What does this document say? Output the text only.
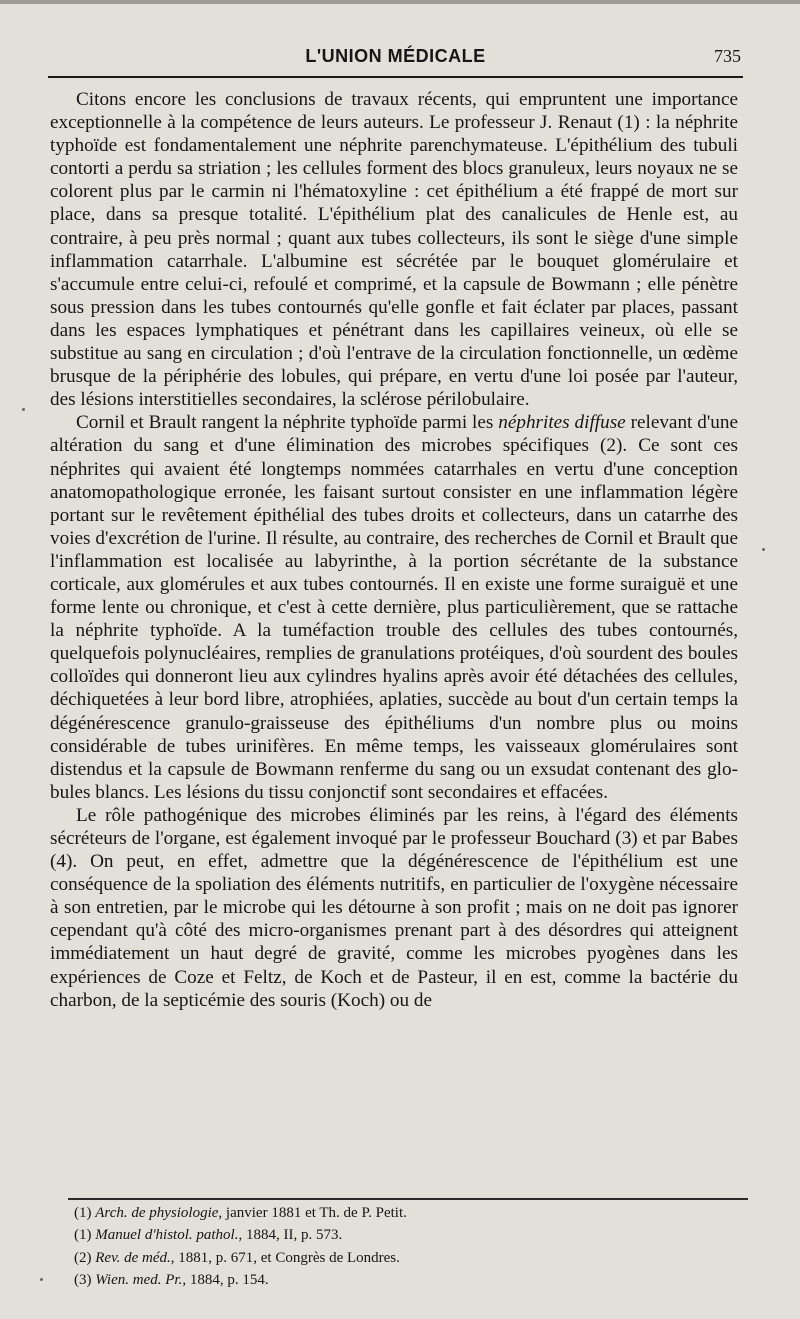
L'UNION MÉDICALE	735

Citons encore les conclusions de travaux récents, qui empruntent une importance exceptionnelle à la compétence de leurs auteurs. Le professeur J. Renaut (1) : la néphrite typhoïde est fondamentalement une néphrite parenchymateuse. L'épithélium des tubuli contorti a perdu sa striation ; les cellules forment des blocs granuleux, leurs noyaux ne se colorent plus par le carmin ni l'hématoxyline : cet épithélium a été frappé de mort sur place, dans sa presque totalité. L'épithélium plat des canalicules de Henle est, au contraire, à peu près normal ; quant aux tubes collecteurs, ils sont le siège d'une simple inflammation catarrhale. L'albumine est sécrétée par le bouquet glomérulaire et s'accumule entre celui-ci, refoulé et comprimé, et la capsule de Bowmann ; elle pénètre sous pression dans les tubes contournés qu'elle gonfle et fait éclater par places, passant dans les espaces lymphatiques et pénétrant dans les capillaires veineux, où elle se substitue au sang en circulation ; d'où l'entrave de la circulation fonctionnelle, un œdème brusque de la périphérie des lobules, qui prépare, en vertu d'une loi posée par l'auteur, des lésions interstitielles secondaires, la sclérose périlobulaire.

Cornil et Brault rangent la néphrite typhoïde parmi les néphrites diffuse relevant d'une altération du sang et d'une élimination des microbes spécifiques (2). Ce sont ces néphrites qui avaient été longtemps nommées catarrhales en vertu d'une conception anatomopathologique erronée, les faisant surtout consister en une inflammation légère portant sur le revêtement épithélial des tubes droits et collecteurs, dans un catarrhe des voies d'excrétion de l'urine. Il résulte, au contraire, des recherches de Cornil et Brault que l'inflammation est localisée au labyrinthe, à la portion sécrétante de la substance corticale, aux glomérules et aux tubes contournés. Il en existe une forme suraiguë et une forme lente ou chronique, et c'est à cette dernière, plus particulièrement, que se rattache la néphrite typhoïde. A la tuméfaction trouble des cellules des tubes contournés, quelquefois polynucléaires, remplies de granulations protéiques, d'où sourdent des boules colloïdes qui donneront lieu aux cylindres hyalins après avoir été détachées des cellules, déchiquetées à leur bord libre, atrophiées, aplaties, succède au bout d'un certain temps la dégénérescence granulo-graisseuse des épithéliums d'un nombre plus ou moins considérable de tubes urinifères. En même temps, les vaisseaux glomérulaires sont distendus et la capsule de Bowmann renferme du sang ou un exsudat contenant des globules blancs. Les lésions du tissu conjonctif sont secondaires et effacées.

Le rôle pathogénique des microbes éliminés par les reins, à l'égard des éléments sécréteurs de l'organe, est également invoqué par le professeur Bouchard (3) et par Babes (4). On peut, en effet, admettre que la dégénérescence de l'épithélium est une conséquence de la spoliation des éléments nutritifs, en particulier de l'oxygène nécessaire à son entretien, par le microbe qui les détourne à son profit ; mais on ne doit pas ignorer cependant qu'à côté des micro-organismes prenant part à des désordres qui atteignent immédiatement un haut degré de gravité, comme les microbes pyogènes dans les expériences de Coze et Feltz, de Koch et de Pasteur, il en est, comme la bactérie du charbon, de la septicémie des souris (Koch) ou de

(1) Arch. de physiologie, janvier 1881 et Th. de P. Petit.

(1) Manuel d'histol. pathol., 1884, II, p. 573.

(2) Rev. de méd., 1881, p. 671, et Congrès de Londres.

(3) Wien. med. Pr., 1884, p. 154.
